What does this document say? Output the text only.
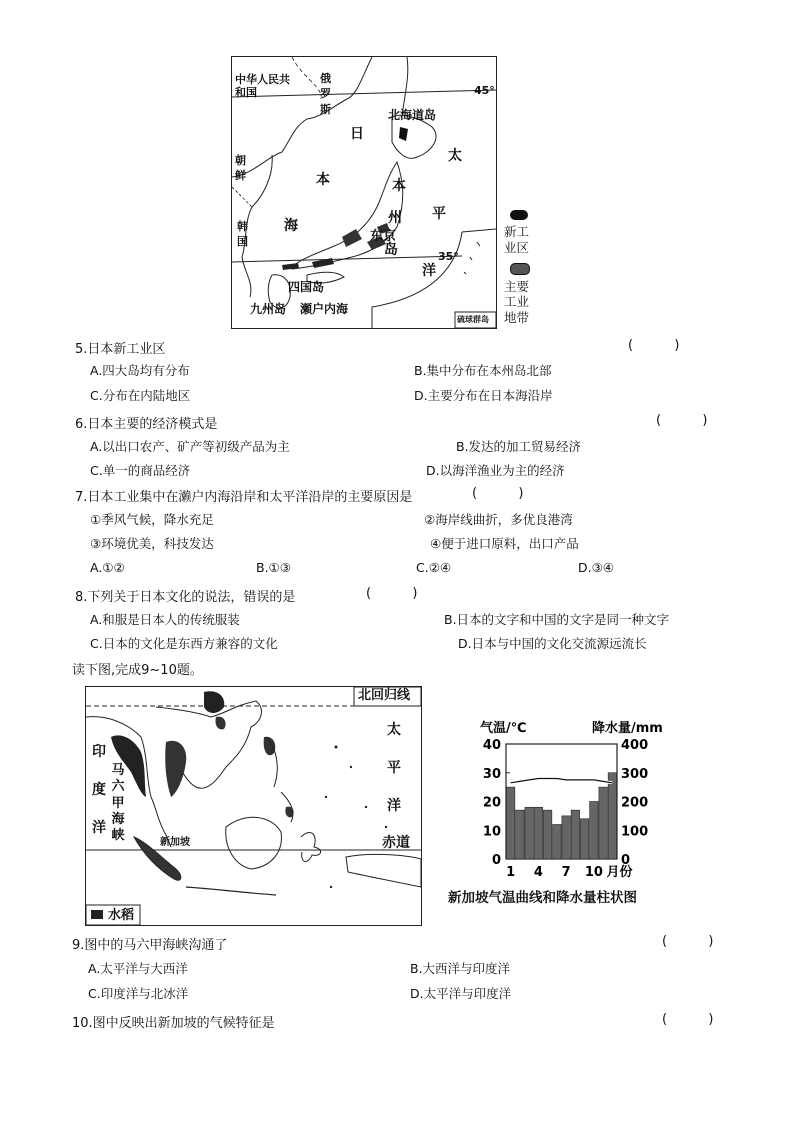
中华人民共和国
俄罗斯
45°
35°
日
本
海
朝鲜
韩国
北海道岛
本
州
岛
东京
太
平
洋
四国岛
九州岛 瀬户内海
硫球群岛
新工业区
主要工业地带
5.日本新工业区	(          )
A.四大岛均有分布	B.集中分布在本州岛北部
C.分布在内陆地区	D.主要分布在日本海沿岸
6.日本主要的经济模式是	(          )
A.以出口农产、矿产等初级产品为主	B.发达的加工贸易经济
C.单一的商品经济	D.以海洋渔业为主的经济
7.日本工业集中在濑户内海沿岸和太平洋沿岸的主要原因是	(          )
①季风气候，降水充足	②海岸线曲折，多优良港湾
③环境优美，科技发达	④便于进口原料，出口产品
A.①②	B.①③	C.②④	D.③④
8.下列关于日本文化的说法，错误的是	(          )
A.和服是日本人的传统服装	B.日本的文字和中国的文字是同一种文字
C.日本的文化是东西方兼容的文化	D.日本与中国的文化交流源远流长
读下图,完成9~10题。
北回归线
太

平

洋
印

度

洋
马
六
甲
海
峡	新加坡	赤道
水稻
气温/℃	降水量/mm
40	400
30	300
20	200
10	100
0	0
1 4 7 10 月份
新加坡气温曲线和降水量柱状图
9.图中的马六甲海峡沟通了	(          )
A.太平洋与大西洋	B.大西洋与印度洋
C.印度洋与北冰洋	D.太平洋与印度洋
10.图中反映出新加坡的气候特征是	(          )
